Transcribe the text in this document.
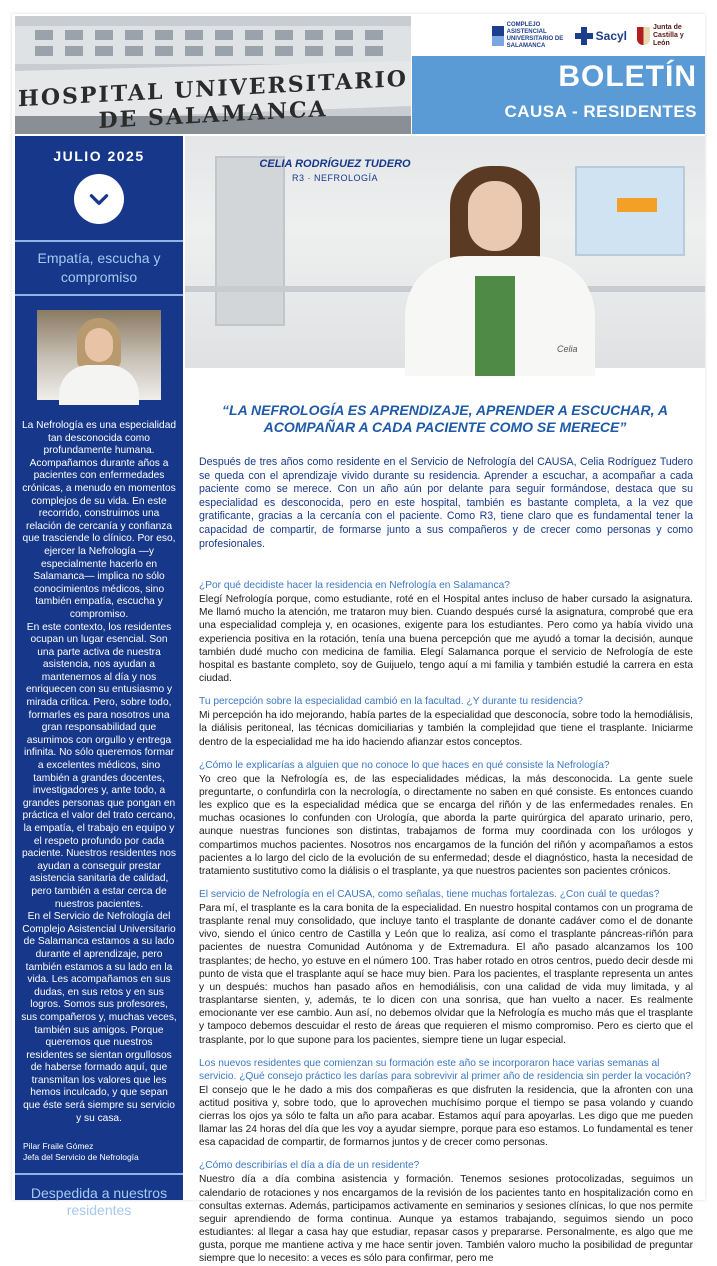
HOSPITAL UNIVERSITARIO DE SALAMANCA
COMPLEJO ASISTENCIAL UNIVERSITARIO DE SALAMANCA
Sacyl
Junta de Castilla y León
BOLETÍN
CAUSA - RESIDENTES
JULIO 2025
Empatía, escucha y compromiso

La Nefrología es una especialidad tan desconocida como profundamente humana. Acompañamos durante años a pacientes con enfermedades crónicas, a menudo en momentos complejos de su vida. En este recorrido, construimos una relación de cercanía y confianza que trasciende lo clínico. Por eso, ejercer la Nefrología —y especialmente hacerlo en Salamanca— implica no sólo conocimientos médicos, sino también empatía, escucha y compromiso.

En este contexto, los residentes ocupan un lugar esencial. Son una parte activa de nuestra asistencia, nos ayudan a mantenernos al día y nos enriquecen con su entusiasmo y mirada crítica. Pero, sobre todo, formarles es para nosotros una gran responsabilidad que asumimos con orgullo y entrega infinita. No sólo queremos formar a excelentes médicos, sino también a grandes docentes, investigadores y, ante todo, a grandes personas que pongan en práctica el valor del trato cercano, la empatía, el trabajo en equipo y el respeto profundo por cada paciente. Nuestros residentes nos ayudan a conseguir prestar asistencia sanitaria de calidad, pero también a estar cerca de nuestros pacientes.

En el Servicio de Nefrología del Complejo Asistencial Universitario de Salamanca estamos a su lado durante el aprendizaje, pero también estamos a su lado en la vida. Les acompañamos en sus dudas, en sus retos y en sus logros. Somos sus profesores, sus compañeros y, muchas veces, también sus amigos. Porque queremos que nuestros residentes se sientan orgullosos de haberse formado aquí, que transmitan los valores que les hemos inculcado, y que sepan que éste será siempre su servicio y su casa.

Pilar Fraile Gómez
Jefa del Servicio de Nefrología
Despedida a nuestros residentes
Celia
CELIA RODRÍGUEZ TUDERO
R3 · NEFROLOGÍA
“LA NEFROLOGÍA ES APRENDIZAJE, APRENDER A ESCUCHAR, A ACOMPAÑAR A CADA PACIENTE COMO SE MERECE”
Después de tres años como residente en el Servicio de Nefrología del CAUSA, Celia Rodríguez Tudero se queda con el aprendizaje vivido durante su residencia. Aprender a escuchar, a acompañar a cada paciente como se merece. Con un año aún por delante para seguir formándose, destaca que su especialidad es desconocida, pero en este hospital, también es bastante completa, a la vez que gratificante, gracias a la cercanía con el paciente. Como R3, tiene claro que es fundamental tener la capacidad de compartir, de formarse junto a sus compañeros y de crecer como personas y como profesionales.
¿Por qué decidiste hacer la residencia en Nefrología en Salamanca?
Elegí Nefrología porque, como estudiante, roté en el Hospital antes incluso de haber cursado la asignatura. Me llamó mucho la atención, me trataron muy bien. Cuando después cursé la asignatura, comprobé que era una especialidad compleja y, en ocasiones, exigente para los estudiantes. Pero como ya había vivido una experiencia positiva en la rotación, tenía una buena percepción que me ayudó a tomar la decisión, aunque también dudé mucho con medicina de familia. Elegí Salamanca porque el servicio de Nefrología de este hospital es bastante completo, soy de Guijuelo, tengo aquí a mi familia y también estudié la carrera en esta ciudad.
Tu percepción sobre la especialidad cambió en la facultad. ¿Y durante tu residencia?
Mi percepción ha ido mejorando, había partes de la especialidad que desconocía, sobre todo la hemodiálisis, la diálisis peritoneal, las técnicas domiciliarias y también la complejidad que tiene el trasplante. Iniciarme dentro de la especialidad me ha ido haciendo afianzar estos conceptos.
¿Cómo le explicarías a alguien que no conoce lo que haces en qué consiste la Nefrología?
Yo creo que la Nefrología es, de las especialidades médicas, la más desconocida. La gente suele preguntarte, o confundirla con la necrología, o directamente no saben en qué consiste. Es entonces cuando les explico que es la especialidad médica que se encarga del riñón y de las enfermedades renales. En muchas ocasiones lo confunden con Urología, que aborda la parte quirúrgica del aparato urinario, pero, aunque nuestras funciones son distintas, trabajamos de forma muy coordinada con los urólogos y compartimos muchos pacientes. Nosotros nos encargamos de la función del riñón y acompañamos a estos pacientes a lo largo del ciclo de la evolución de su enfermedad; desde el diagnóstico, hasta la necesidad de tratamiento sustitutivo como la diálisis o el trasplante, ya que nuestros pacientes son pacientes crónicos.
El servicio de Nefrología en el CAUSA, como señalas, tiene muchas fortalezas. ¿Con cuál te quedas?
Para mí, el trasplante es la cara bonita de la especialidad. En nuestro hospital contamos con un programa de trasplante renal muy consolidado, que incluye tanto el trasplante de donante cadáver como el de donante vivo, siendo el único centro de Castilla y León que lo realiza, así como el trasplante páncreas-riñón para pacientes de nuestra Comunidad Autónoma y de Extremadura. El año pasado alcanzamos los 100 trasplantes; de hecho, yo estuve en el número 100. Tras haber rotado en otros centros, puedo decir desde mi punto de vista que el trasplante aquí se hace muy bien. Para los pacientes, el trasplante representa un antes y un después: muchos han pasado años en hemodiálisis, con una calidad de vida muy limitada, y al trasplantarse sienten, y, además, te lo dicen con una sonrisa, que han vuelto a nacer. Es realmente emocionante ver ese cambio. Aun así, no debemos olvidar que la Nefrología es mucho más que el trasplante y tampoco debemos descuidar el resto de áreas que requieren el mismo compromiso. Pero es cierto que el trasplante, por lo que supone para los pacientes, siempre tiene un lugar especial.
Los nuevos residentes que comienzan su formación este año se incorporaron hace varias semanas al servicio. ¿Qué consejo práctico les darías para sobrevivir al primer año de residencia sin perder la vocación?
El consejo que le he dado a mis dos compañeras es que disfruten la residencia, que la afronten con una actitud positiva y, sobre todo, que lo aprovechen muchísimo porque el tiempo se pasa volando y cuando cierras los ojos ya sólo te falta un año para acabar. Estamos aquí para apoyarlas. Les digo que me pueden llamar las 24 horas del día que les voy a ayudar siempre, porque para eso estamos. Lo fundamental es tener esa capacidad de compartir, de formarnos juntos y de crecer como personas.
¿Cómo describirías el día a día de un residente?
Nuestro día a día combina asistencia y formación. Tenemos sesiones protocolizadas, seguimos un calendario de rotaciones y nos encargamos de la revisión de los pacientes tanto en hospitalización como en consultas externas. Además, participamos activamente en seminarios y sesiones clínicas, lo que nos permite seguir aprendiendo de forma continua. Aunque ya estamos trabajando, seguimos siendo un poco estudiantes: al llegar a casa hay que estudiar, repasar casos y prepararse. Personalmente, es algo que me gusta, porque me mantiene activa y me hace sentir joven. También valoro mucho la posibilidad de preguntar siempre que lo necesito: a veces es sólo para confirmar, pero me
